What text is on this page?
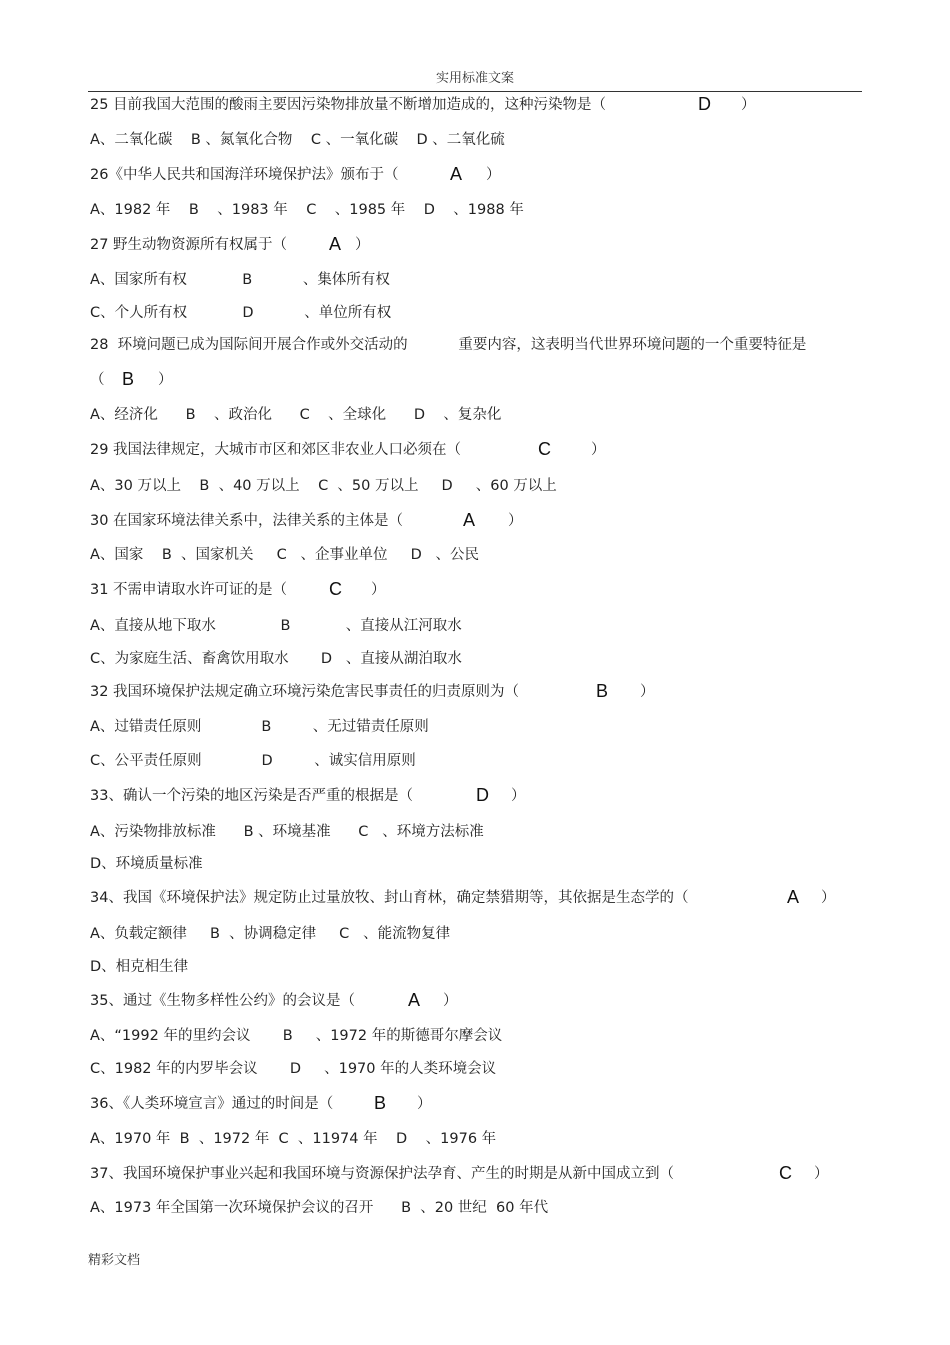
实用标准文案
25 目前我国大范围的酸雨主要因污染物排放量不断增加造成的，这种污染物是（	D ）
A、二氧化碳    B 、氮氧化合物    C 、一氧化碳    D 、二氧化硫
26《中华人民共和国海洋环境保护法》颁布于（	A ）
A、1982 年    B    、1983 年    C    、1985 年    D    、1988 年
27 野生动物资源所有权属于（ A ）
A、国家所有权            B           、集体所有权
C、个人所有权            D           、单位所有权
28  环境问题已成为国际间开展合作或外交活动的           重要内容，这表明当代世界环境问题的一个重要特征是
（ B ）
A、经济化      B    、政治化      C    、全球化      D    、复杂化
29 我国法律规定，大城市市区和郊区非农业人口必须在（	C	）
A、30 万以上    B  、40 万以上    C  、50 万以上     D     、60 万以上
30 在国家环境法律关系中，法律关系的主体是（	A ）
A、国家    B  、国家机关     C   、企事业单位     D   、公民
31 不需申请取水许可证的是（ C ）
A、直接从地下取水              B            、直接从江河取水
C、为家庭生活、畜禽饮用取水       D   、直接从湖泊取水
32 我国环境保护法规定确立环境污染危害民事责任的归责原则为（	B ）
A、过错责任原则             B         、无过错责任原则
C、公平责任原则             D         、诚实信用原则
33、确认一个污染的地区污染是否严重的根据是（	D ）
A、污染物排放标准      B 、环境基准      C   、环境方法标准
D、环境质量标准
34、我国《环境保护法》规定防止过量放牧、封山育林，确定禁猎期等，其依据是生态学的（	A ）
A、负载定额律     B  、协调稳定律     C   、能流物复律
D、相克相生律
35、通过《生物多样性公约》的会议是（	A ）
A、“1992 年的里约会议       B     、1972 年的斯德哥尔摩会议
C、1982 年的内罗毕会议       D     、1970 年的人类环境会议
36、《人类环境宣言》通过的时间是（ B ）
A、1970 年  B  、1972 年  C  、11974 年    D    、1976 年
37、我国环境保护事业兴起和我国环境与资源保护法孕育、产生的时期是从新中国成立到（	C ）
A、1973 年全国第一次环境保护会议的召开      B  、20 世纪  60 年代
精彩文档
